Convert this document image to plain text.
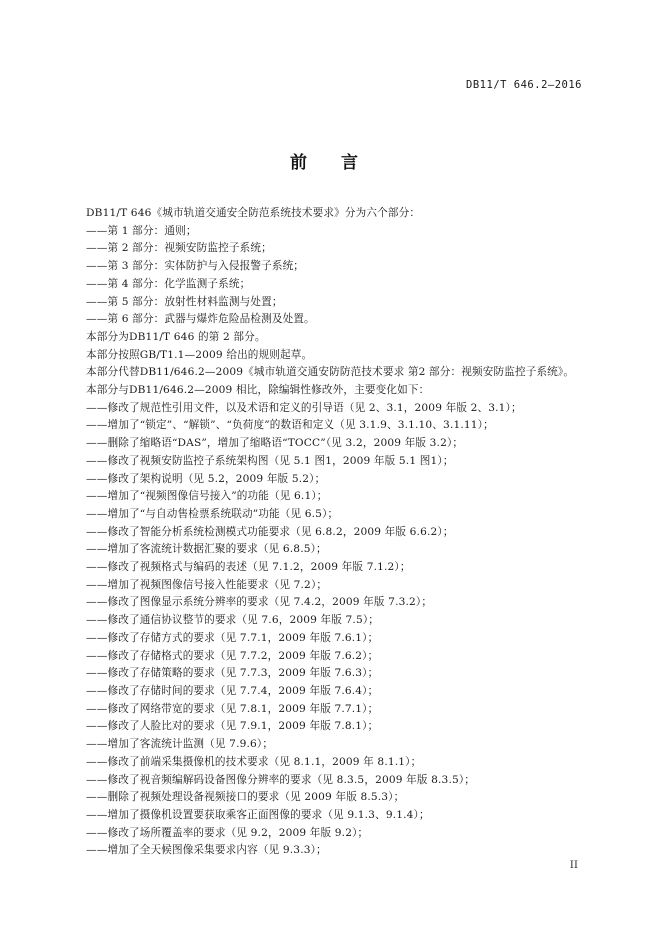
DB11/T 646.2—2016
前 言
DB11/T 646《城市轨道交通安全防范系统技术要求》分为六个部分：
——第 1 部分：通则；
——第 2 部分：视频安防监控子系统；
——第 3 部分：实体防护与入侵报警子系统；
——第 4 部分：化学监测子系统；
——第 5 部分：放射性材料监测与处置；
——第 6 部分：武器与爆炸危险品检测及处置。
本部分为DB11/T 646 的第 2 部分。
本部分按照GB/T1.1—2009 给出的规则起草。
本部分代替DB11/646.2—2009《城市轨道交通安防防范技术要求 第2 部分：视频安防监控子系统》。
本部分与DB11/646.2—2009 相比，除编辑性修改外，主要变化如下：
——修改了规范性引用文件，以及术语和定义的引导语（见 2、3.1，2009 年版 2、3.1）；
——增加了“锁定”、“解锁”、“负荷度”的数语和定义（见 3.1.9、3.1.10、3.1.11）；
——删除了缩略语“DAS”，增加了缩略语“TOCC”（见 3.2，2009 年版 3.2）；
——修改了视频安防监控子系统架构图（见 5.1 图1，2009 年版 5.1 图1）；
——修改了架构说明（见 5.2，2009 年版 5.2）；
——增加了“视频图像信号接入”的功能（见 6.1）；
——增加了“与自动售检票系统联动”功能（见 6.5）；
——修改了智能分析系统检测模式功能要求（见 6.8.2，2009 年版 6.6.2）；
——增加了客流统计数据汇聚的要求（见 6.8.5）；
——修改了视频格式与编码的表述（见 7.1.2，2009 年版 7.1.2）；
——增加了视频图像信号接入性能要求（见 7.2）；
——修改了图像显示系统分辨率的要求（见 7.4.2，2009 年版 7.3.2）；
——修改了通信协议整节的要求（见 7.6，2009 年版 7.5）；
——修改了存储方式的要求（见 7.7.1，2009 年版 7.6.1）；
——修改了存储格式的要求（见 7.7.2，2009 年版 7.6.2）；
——修改了存储策略的要求（见 7.7.3，2009 年版 7.6.3）；
——修改了存储时间的要求（见 7.7.4，2009 年版 7.6.4）；
——修改了网络带宽的要求（见 7.8.1，2009 年版 7.7.1）；
——修改了人脸比对的要求（见 7.9.1，2009 年版 7.8.1）；
——增加了客流统计监测（见 7.9.6）；
——修改了前端采集摄像机的技术要求（见 8.1.1，2009 年 8.1.1）；
——修改了视音频编解码设备图像分辨率的要求（见 8.3.5，2009 年版 8.3.5）；
——删除了视频处理设备视频接口的要求（见 2009 年版 8.5.3）；
——增加了摄像机设置要获取乘客正面图像的要求（见 9.1.3、9.1.4）；
——修改了场所覆盖率的要求（见 9.2，2009 年版 9.2）；
——增加了全天候图像采集要求内容（见 9.3.3）；
II
